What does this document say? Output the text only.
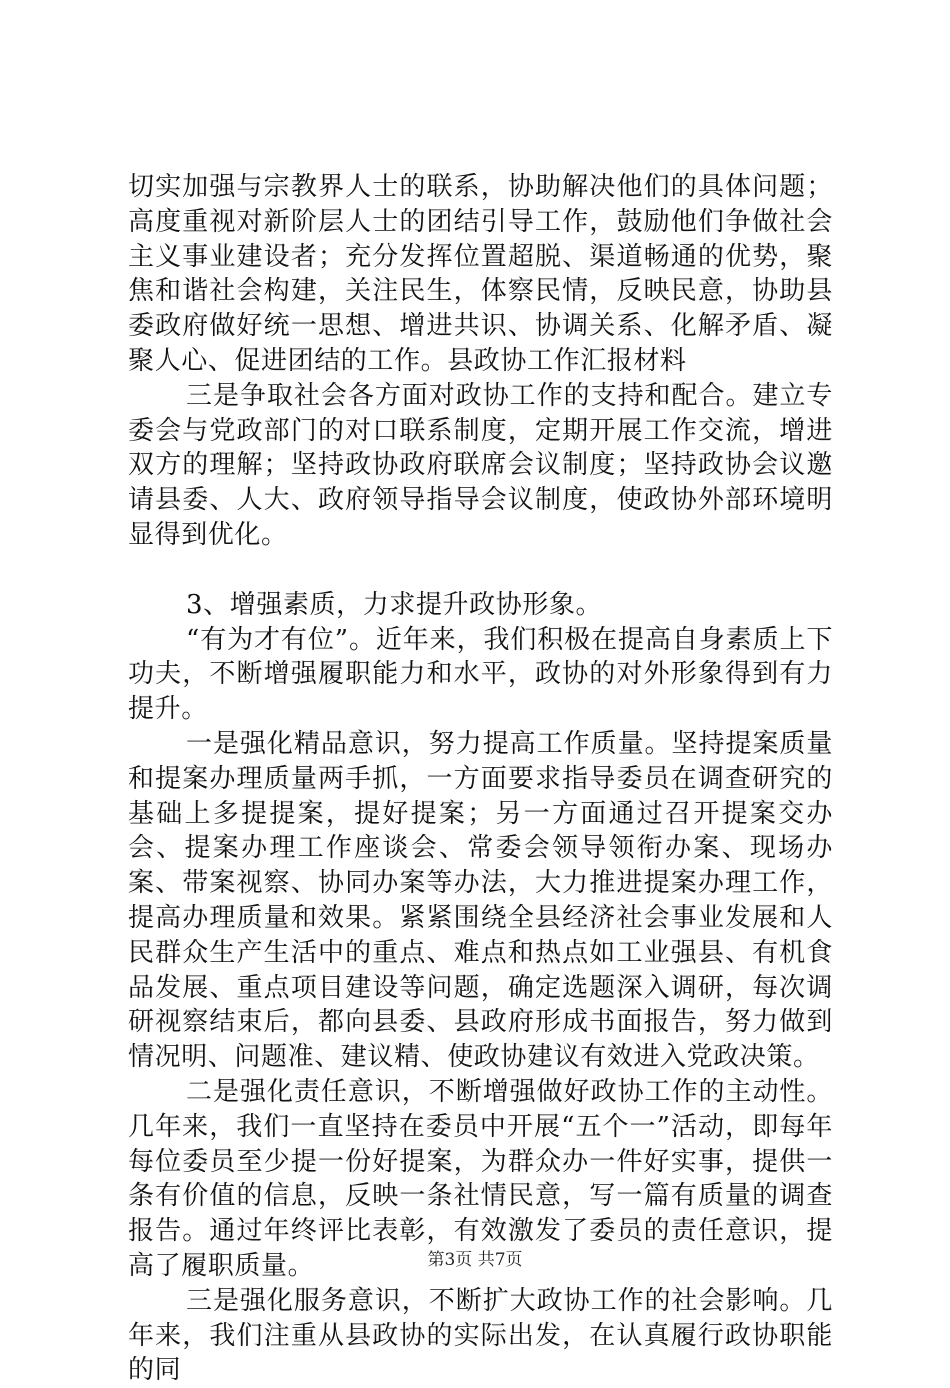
切实加强与宗教界人士的联系，协助解决他们的具体问题；高度重视对新阶层人士的团结引导工作，鼓励他们争做社会主义事业建设者；充分发挥位置超脱、渠道畅通的优势，聚焦和谐社会构建，关注民生，体察民情，反映民意，协助县委政府做好统一思想、增进共识、协调关系、化解矛盾、凝聚人心、促进团结的工作。县政协工作汇报材料

三是争取社会各方面对政协工作的支持和配合。建立专委会与党政部门的对口联系制度，定期开展工作交流，增进双方的理解；坚持政协政府联席会议制度；坚持政协会议邀请县委、人大、政府领导指导会议制度，使政协外部环境明显得到优化。

3、增强素质，力求提升政协形象。

“有为才有位”。近年来，我们积极在提高自身素质上下功夫，不断增强履职能力和水平，政协的对外形象得到有力提升。

一是强化精品意识，努力提高工作质量。坚持提案质量和提案办理质量两手抓，一方面要求指导委员在调查研究的基础上多提提案，提好提案；另一方面通过召开提案交办会、提案办理工作座谈会、常委会领导领衔办案、现场办案、带案视察、协同办案等办法，大力推进提案办理工作，提高办理质量和效果。紧紧围绕全县经济社会事业发展和人民群众生产生活中的重点、难点和热点如工业强县、有机食品发展、重点项目建设等问题，确定选题深入调研，每次调研视察结束后，都向县委、县政府形成书面报告，努力做到情况明、问题准、建议精、使政协建议有效进入党政决策。

二是强化责任意识，不断增强做好政协工作的主动性。几年来，我们一直坚持在委员中开展“五个一”活动，即每年每位委员至少提一份好提案，为群众办一件好实事，提供一条有价值的信息，反映一条社情民意，写一篇有质量的调查报告。通过年终评比表彰，有效激发了委员的责任意识，提高了履职质量。

三是强化服务意识，不断扩大政协工作的社会影响。几年来，我们注重从县政协的实际出发，在认真履行政协职能的同

第3页 共7页
